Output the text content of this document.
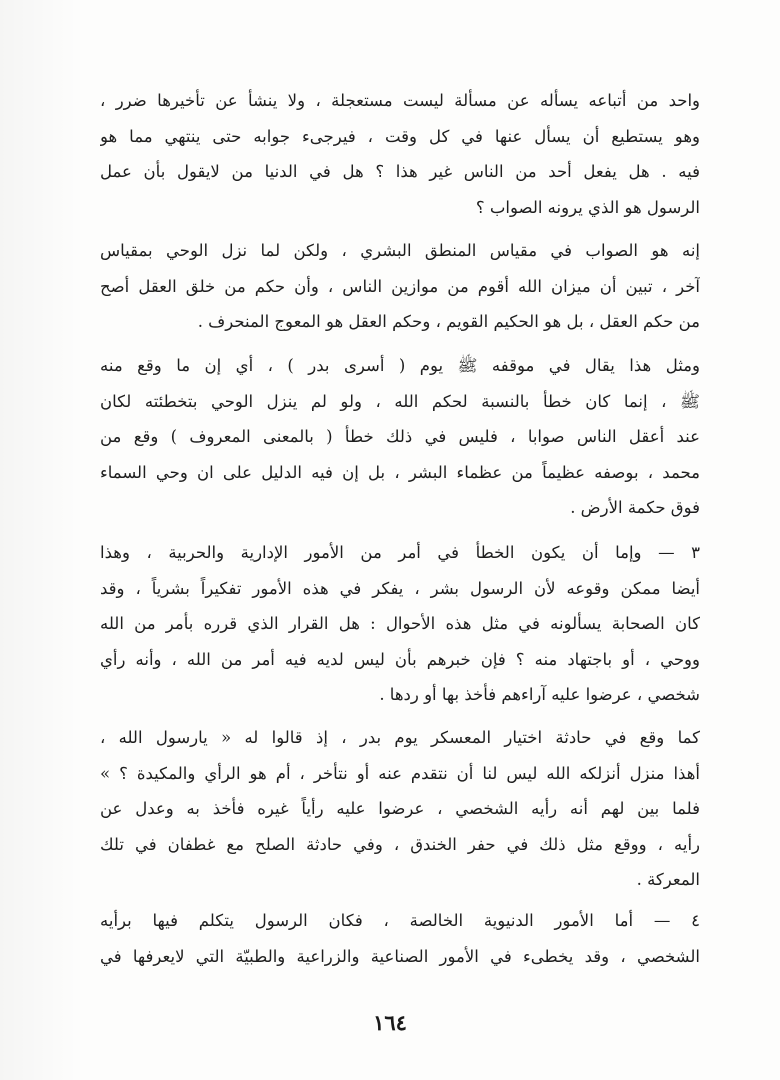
واحد من أتباعه يسأله عن مسألة ليست مستعجلة ، ولا ينشأ عن تأخيرها ضرر ،
وهو يستطيع أن يسأل عنها في كل وقت ، فيرجىء جوابه حتى ينتهي مما هو
فيه . هل يفعل أحد من الناس غير هذا ؟ هل في الدنيا من لايقول بأن عمل
الرسول هو الذي يرونه الصواب ؟
إنه هو الصواب في مقياس المنطق البشري ، ولكن لما نزل الوحي بمقياس
آخر ، تبين أن ميزان الله أقوم من موازين الناس ، وأن حكم من خلق العقل أصح
من حكم العقل ، بل هو الحكيم القويم ، وحكم العقل هو المعوج المنحرف .
ومثل هذا يقال في موقفه ﷺ يوم ( أسرى بدر ) ، أي إن ما وقع منه
ﷺ ، إنما كان خطأ بالنسبة لحكم الله ، ولو لم ينزل الوحي بتخطئته لكان
عند أعقل الناس صوابا ، فليس في ذلك خطأ ( بالمعنى المعروف ) وقع من
محمد ، بوصفه عظيماً من عظماء البشر ، بل إن فيه الدليل على ان وحي السماء
فوق حكمة الأرض .
٣ — وإما أن يكون الخطأ في أمر من الأمور الإدارية والحربية ، وهذا
أيضا ممكن وقوعه لأن الرسول بشر ، يفكر في هذه الأمور تفكيراً بشرياً ، وقد
كان الصحابة يسألونه في مثل هذه الأحوال : هل القرار الذي قرره بأمر من الله
ووحي ، أو باجتهاد منه ؟ فإن خبرهم بأن ليس لديه فيه أمر من الله ، وأنه رأي
شخصي ، عرضوا عليه آراءهم فأخذ بها أو ردها .
كما وقع في حادثة اختيار المعسكر يوم بدر ، إذ قالوا له « يارسول الله ،
أهذا منزل أنزلكه الله ليس لنا أن نتقدم عنه أو نتأخر ، أم هو الرأي والمكيدة ؟ »
فلما بين لهم أنه رأيه الشخصي ، عرضوا عليه رأياً غيره فأخذ به وعدل عن
رأيه ، ووقع مثل ذلك في حفر الخندق ، وفي حادثة الصلح مع غطفان في تلك
المعركة .
٤ — أما الأمور الدنيوية الخالصة ، فكان الرسول يتكلم فيها برأيه
الشخصي ، وقد يخطىء في الأمور الصناعية والزراعية والطبيّة التي لايعرفها في
١٦٤
